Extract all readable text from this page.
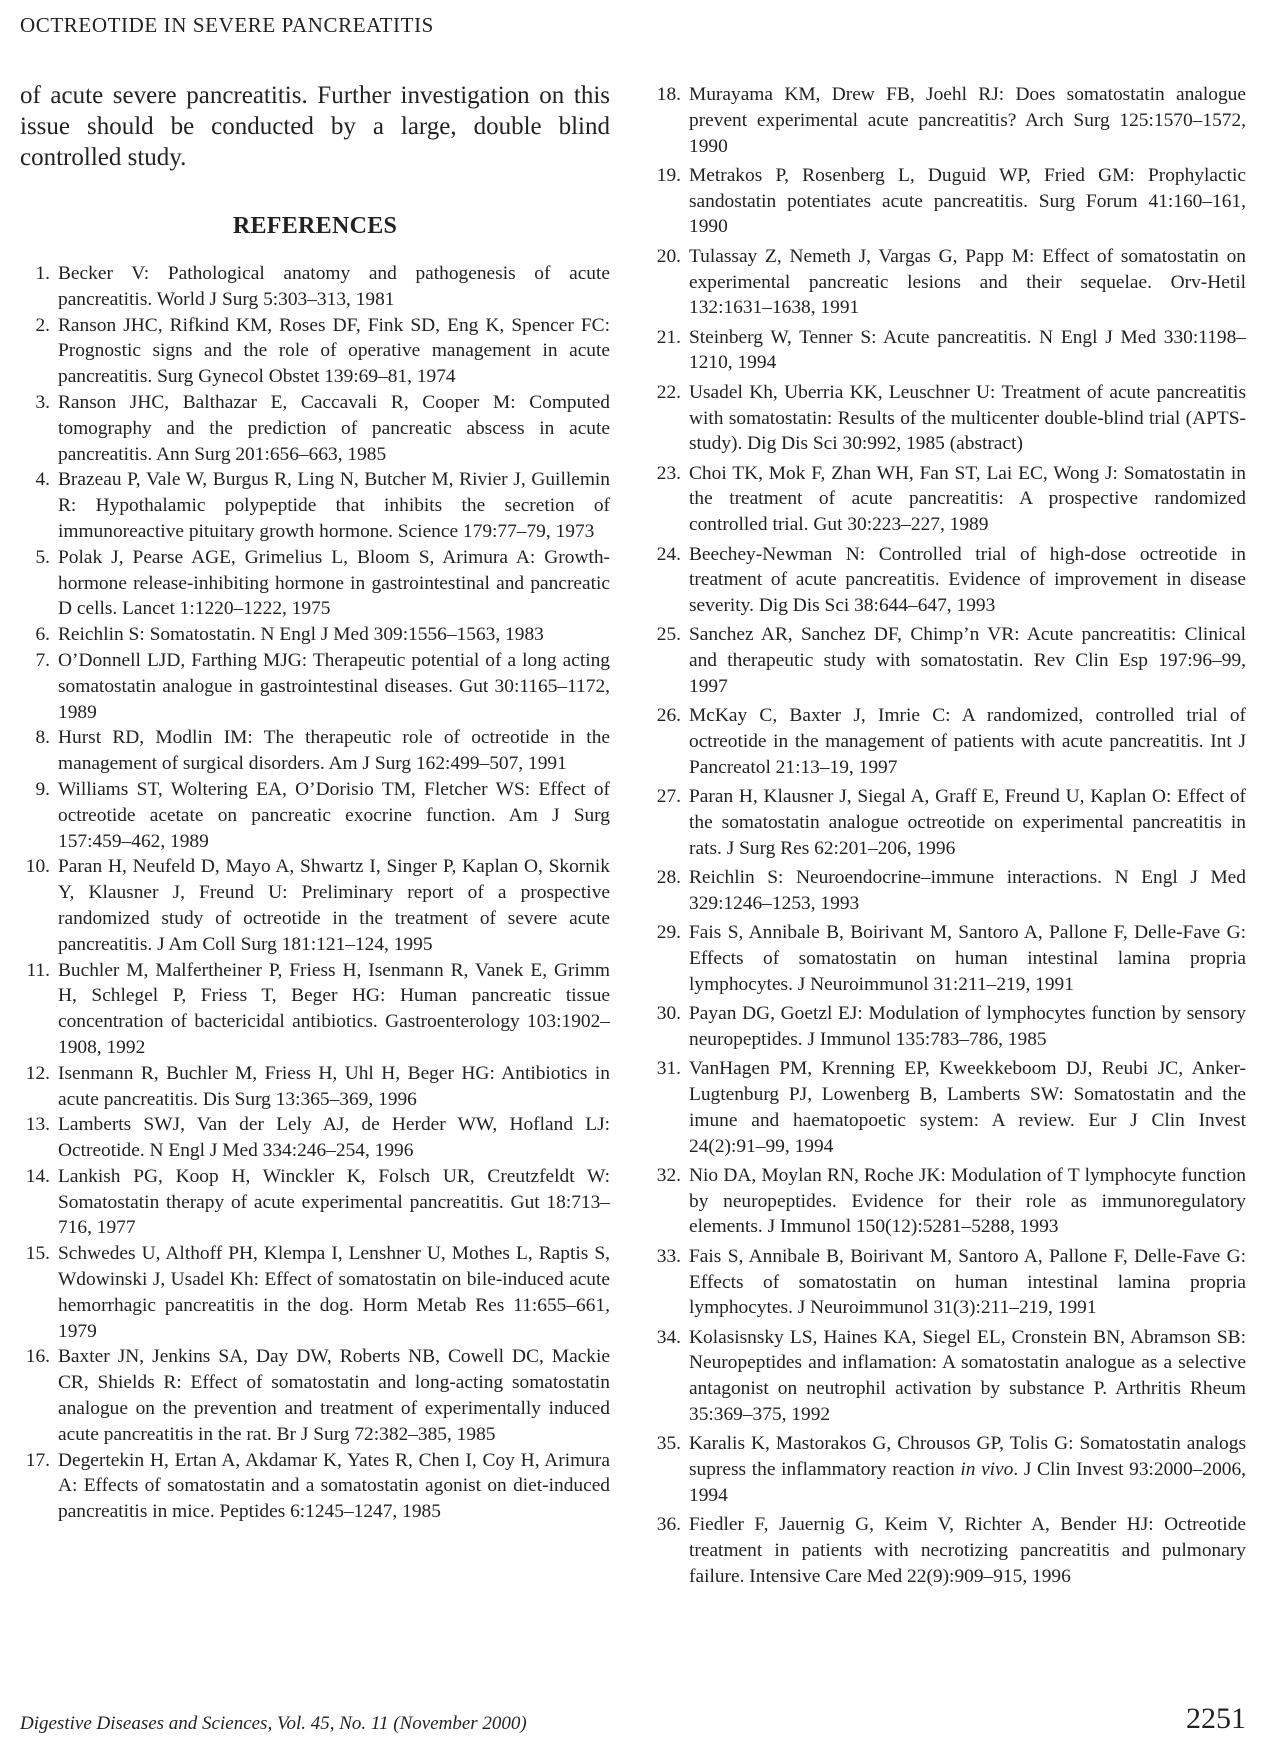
OCTREOTIDE IN SEVERE PANCREATITIS

of acute severe pancreatitis. Further investigation on this issue should be conducted by a large, double blind controlled study.

REFERENCES
1. Becker V: Pathological anatomy and pathogenesis of acute pancreatitis. World J Surg 5:303–313, 1981
2. Ranson JHC, Rifkind KM, Roses DF, Fink SD, Eng K, Spencer FC: Prognostic signs and the role of operative management in acute pancreatitis. Surg Gynecol Obstet 139:69–81, 1974
3. Ranson JHC, Balthazar E, Caccavali R, Cooper M: Computed tomography and the prediction of pancreatic abscess in acute pancreatitis. Ann Surg 201:656–663, 1985
4. Brazeau P, Vale W, Burgus R, Ling N, Butcher M, Rivier J, Guillemin R: Hypothalamic polypeptide that inhibits the secretion of immunoreactive pituitary growth hormone. Science 179:77–79, 1973
5. Polak J, Pearse AGE, Grimelius L, Bloom S, Arimura A: Growth-hormone release-inhibiting hormone in gastrointestinal and pancreatic D cells. Lancet 1:1220–1222, 1975
6. Reichlin S: Somatostatin. N Engl J Med 309:1556–1563, 1983
7. O’Donnell LJD, Farthing MJG: Therapeutic potential of a long acting somatostatin analogue in gastrointestinal diseases. Gut 30:1165–1172, 1989
8. Hurst RD, Modlin IM: The therapeutic role of octreotide in the management of surgical disorders. Am J Surg 162:499–507, 1991
9. Williams ST, Woltering EA, O’Dorisio TM, Fletcher WS: Effect of octreotide acetate on pancreatic exocrine function. Am J Surg 157:459–462, 1989
10. Paran H, Neufeld D, Mayo A, Shwartz I, Singer P, Kaplan O, Skornik Y, Klausner J, Freund U: Preliminary report of a prospective randomized study of octreotide in the treatment of severe acute pancreatitis. J Am Coll Surg 181:121–124, 1995
11. Buchler M, Malfertheiner P, Friess H, Isenmann R, Vanek E, Grimm H, Schlegel P, Friess T, Beger HG: Human pancreatic tissue concentration of bactericidal antibiotics. Gastroenterology 103:1902–1908, 1992
12. Isenmann R, Buchler M, Friess H, Uhl H, Beger HG: Antibiotics in acute pancreatitis. Dis Surg 13:365–369, 1996
13. Lamberts SWJ, Van der Lely AJ, de Herder WW, Hofland LJ: Octreotide. N Engl J Med 334:246–254, 1996
14. Lankish PG, Koop H, Winckler K, Folsch UR, Creutzfeldt W: Somatostatin therapy of acute experimental pancreatitis. Gut 18:713–716, 1977
15. Schwedes U, Althoff PH, Klempa I, Lenshner U, Mothes L, Raptis S, Wdowinski J, Usadel Kh: Effect of somatostatin on bile-induced acute hemorrhagic pancreatitis in the dog. Horm Metab Res 11:655–661, 1979
16. Baxter JN, Jenkins SA, Day DW, Roberts NB, Cowell DC, Mackie CR, Shields R: Effect of somatostatin and long-acting somatostatin analogue on the prevention and treatment of experimentally induced acute pancreatitis in the rat. Br J Surg 72:382–385, 1985
17. Degertekin H, Ertan A, Akdamar K, Yates R, Chen I, Coy H, Arimura A: Effects of somatostatin and a somatostatin agonist on diet-induced pancreatitis in mice. Peptides 6:1245–1247, 1985
18. Murayama KM, Drew FB, Joehl RJ: Does somatostatin analogue prevent experimental acute pancreatitis? Arch Surg 125:1570–1572, 1990
19. Metrakos P, Rosenberg L, Duguid WP, Fried GM: Prophylactic sandostatin potentiates acute pancreatitis. Surg Forum 41:160–161, 1990
20. Tulassay Z, Nemeth J, Vargas G, Papp M: Effect of somatostatin on experimental pancreatic lesions and their sequelae. Orv-Hetil 132:1631–1638, 1991
21. Steinberg W, Tenner S: Acute pancreatitis. N Engl J Med 330:1198–1210, 1994
22. Usadel Kh, Uberria KK, Leuschner U: Treatment of acute pancreatitis with somatostatin: Results of the multicenter double-blind trial (APTS-study). Dig Dis Sci 30:992, 1985 (abstract)
23. Choi TK, Mok F, Zhan WH, Fan ST, Lai EC, Wong J: Somatostatin in the treatment of acute pancreatitis: A prospective randomized controlled trial. Gut 30:223–227, 1989
24. Beechey-Newman N: Controlled trial of high-dose octreotide in treatment of acute pancreatitis. Evidence of improvement in disease severity. Dig Dis Sci 38:644–647, 1993
25. Sanchez AR, Sanchez DF, Chimp’n VR: Acute pancreatitis: Clinical and therapeutic study with somatostatin. Rev Clin Esp 197:96–99, 1997
26. McKay C, Baxter J, Imrie C: A randomized, controlled trial of octreotide in the management of patients with acute pancreatitis. Int J Pancreatol 21:13–19, 1997
27. Paran H, Klausner J, Siegal A, Graff E, Freund U, Kaplan O: Effect of the somatostatin analogue octreotide on experimental pancreatitis in rats. J Surg Res 62:201–206, 1996
28. Reichlin S: Neuroendocrine–immune interactions. N Engl J Med 329:1246–1253, 1993
29. Fais S, Annibale B, Boirivant M, Santoro A, Pallone F, Delle-Fave G: Effects of somatostatin on human intestinal lamina propria lymphocytes. J Neuroimmunol 31:211–219, 1991
30. Payan DG, Goetzl EJ: Modulation of lymphocytes function by sensory neuropeptides. J Immunol 135:783–786, 1985
31. VanHagen PM, Krenning EP, Kweekkeboom DJ, Reubi JC, Anker-Lugtenburg PJ, Lowenberg B, Lamberts SW: Somatostatin and the imune and haematopoetic system: A review. Eur J Clin Invest 24(2):91–99, 1994
32. Nio DA, Moylan RN, Roche JK: Modulation of T lymphocyte function by neuropeptides. Evidence for their role as immunoregulatory elements. J Immunol 150(12):5281–5288, 1993
33. Fais S, Annibale B, Boirivant M, Santoro A, Pallone F, Delle-Fave G: Effects of somatostatin on human intestinal lamina propria lymphocytes. J Neuroimmunol 31(3):211–219, 1991
34. Kolasisnsky LS, Haines KA, Siegel EL, Cronstein BN, Abramson SB: Neuropeptides and inflamation: A somatostatin analogue as a selective antagonist on neutrophil activation by substance P. Arthritis Rheum 35:369–375, 1992
35. Karalis K, Mastorakos G, Chrousos GP, Tolis G: Somatostatin analogs supress the inflammatory reaction in vivo. J Clin Invest 93:2000–2006, 1994
36. Fiedler F, Jauernig G, Keim V, Richter A, Bender HJ: Octreotide treatment in patients with necrotizing pancreatitis and pulmonary failure. Intensive Care Med 22(9):909–915, 1996
Digestive Diseases and Sciences, Vol. 45, No. 11 (November 2000)	2251
